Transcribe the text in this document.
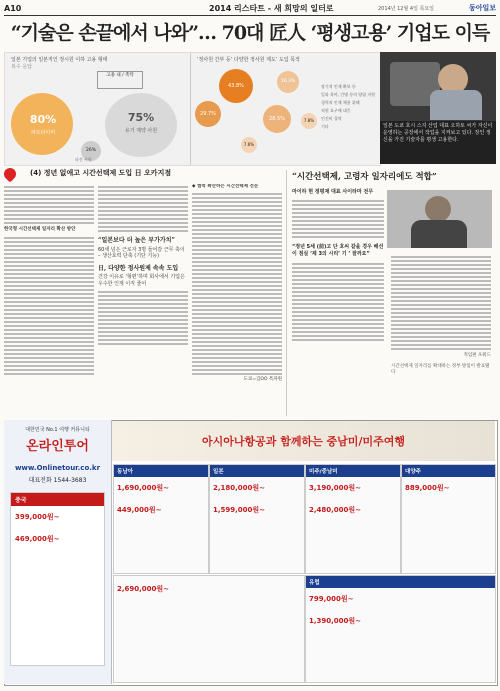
A10	2014 리스타트 - 새 희망의 일터로	2014년 12월 4일 목요일	동아일보
“기술은 손끝에서 나와”… 70대 匠人 ‘평생고용’ 기업도 이득
일본 기업의 일본직인 정시원 이하 고용 형태
복수 응답
80%
파트타이머
고용 내 / 촉탁
75%
유기 계약 사원
26%
파견 사원
‘정사원 간부 등’ 다양한 정사원 제도’ 도입 목적
43.8%
29.7%
28.5%
16.3%
7.8%
7.6%
장기적 인재 확보 등
일과 육아, 간병 등의 양립 지원
경력직 인재 채용 위해
직원 요구에 대응
인건비 절약
기타	일본 도쿄 호시 스지 산업 대표 오하토 씨가 자신이 운영하는 공장에서 작업을 지켜보고 있다. 장인 정신을 가진 기술자를 평생 고용한다.
(4) 정년 없애고 시간선택제 도입 日 오카지점
한국형 시간선택제 일자리 확산 방안
“일본보다 더 높은 부가가치”
60세 넘은 근로자 3명 들어갈 근무 축이 – 생산효력 단축 (기단 기능)
日, 다양한 정사원제 속속 도입
건강 이유로 ‘형편’하며 회사에서 기업은 우수한 인재 이직 줄어
◆ 협력 확산하는 시간선택제 전문
도쿄=김OO 특파원
“시간선택제, 고령자 일자리에도 적합”
마이하 현 정평재 대표 사이타마 전무
“정년 5세 (前)고 단 호씨 같을 경우 배선이 점실 ‘제 3의 시리’ 기 ’ 잘까요”
적임편 포워드
시간선택제 일자리를 확대하는 정부 방침이 발표됐다
대한민국 No.1 여행 커뮤니티
온라인투어
www.Onlinetour.co.kr
대표전화 1544-3683
중국
399,000원~
469,000원~
아시아나항공과 함께하는 중남미/미주여행
동남아
1,690,000원~
449,000원~
일본
2,180,000원~
1,599,000원~
미주/중남미
3,190,000원~
2,480,000원~
대양주
889,000원~
2,690,000원~
유럽
799,000원~
1,390,000원~
